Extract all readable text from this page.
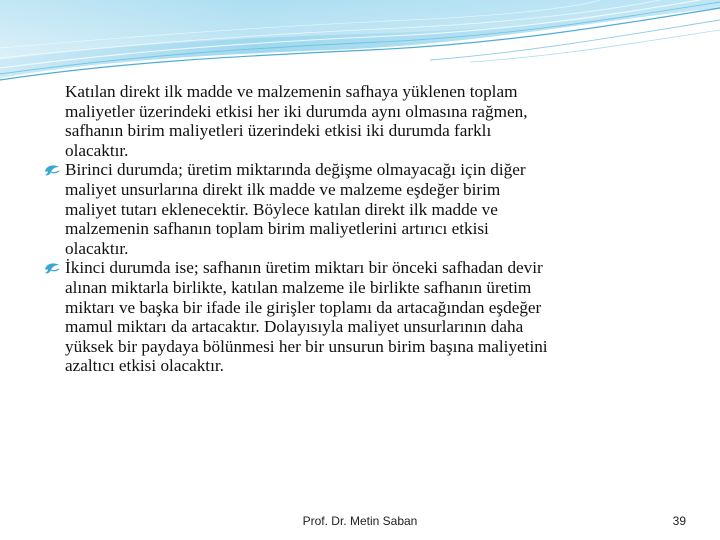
Katılan direkt ilk madde ve malzemenin safhaya yüklenen toplam
maliyetler üzerindeki etkisi her iki durumda aynı olmasına rağmen,
safhanın birim maliyetleri üzerindeki etkisi iki durumda farklı
olacaktır.
Birinci durumda; üretim miktarında değişme olmayacağı için diğer
maliyet unsurlarına direkt ilk madde ve malzeme eşdeğer birim
maliyet tutarı eklenecektir. Böylece katılan direkt ilk madde ve
malzemenin safhanın toplam birim maliyetlerini artırıcı etkisi
olacaktır.
İkinci durumda ise; safhanın üretim miktarı bir önceki safhadan devir
alınan miktarla birlikte, katılan malzeme ile birlikte safhanın üretim
miktarı ve başka bir ifade ile girişler toplamı da artacağından eşdeğer
mamul miktarı da artacaktır. Dolayısıyla maliyet unsurlarının daha
yüksek bir paydaya bölünmesi her bir unsurun birim başına maliyetini
azaltıcı etkisi olacaktır.
Prof. Dr. Metin Saban	39
